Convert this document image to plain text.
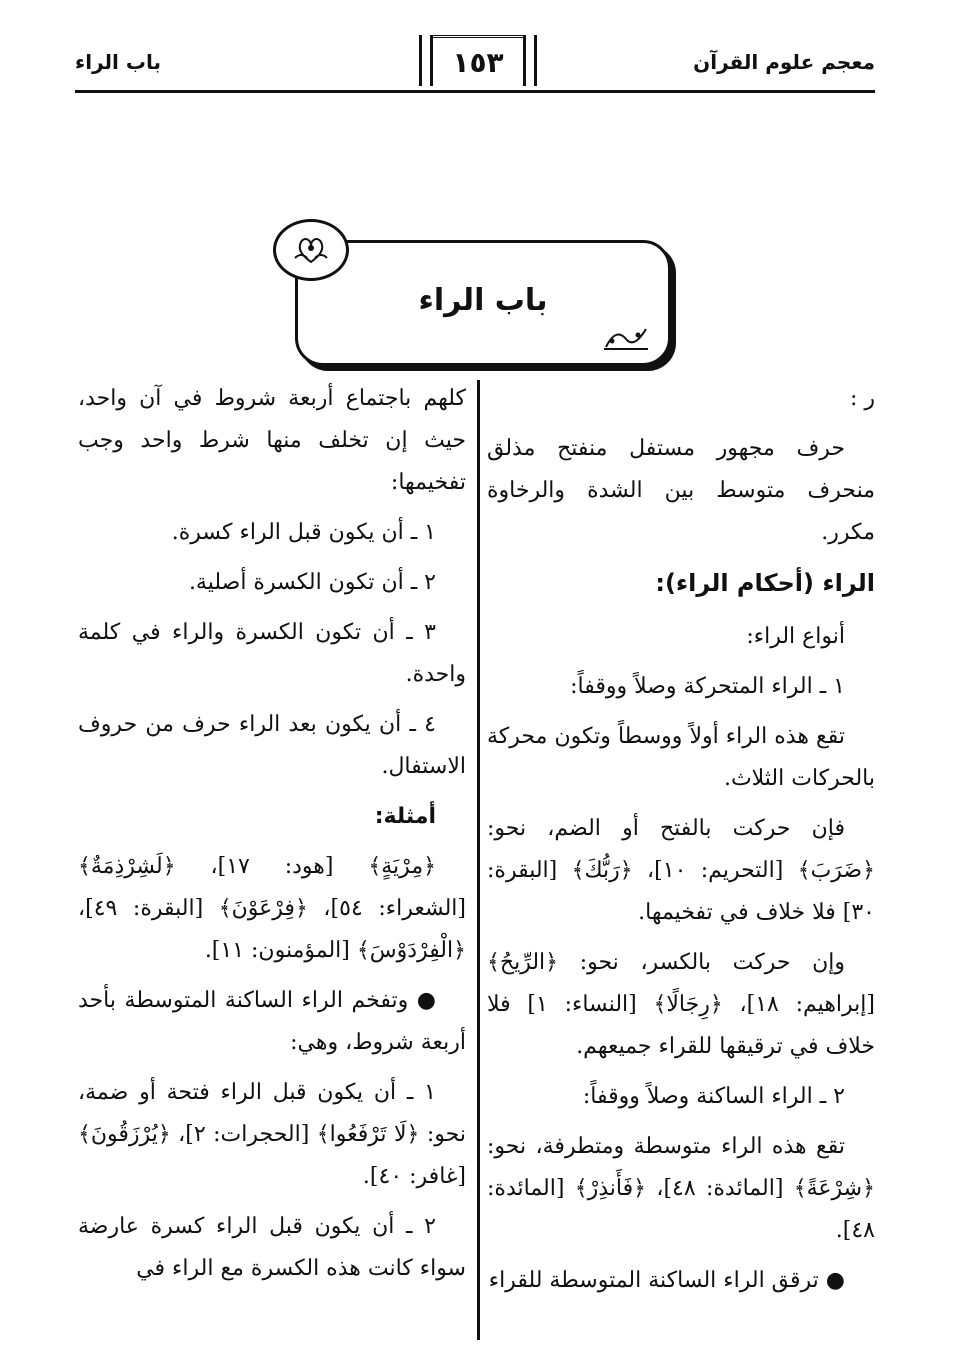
معجم علوم القرآن
١٥٣
باب الراء
باب الراء

ر :

حرف مجهور مستفل منفتح مذلق منحرف متوسط بين الشدة والرخاوة مكرر.

الراء (أحكام الراء):

أنواع الراء:

١ ـ الراء المتحركة وصلاً ووقفاً:

تقع هذه الراء أولاً ووسطاً وتكون محركة بالحركات الثلاث.

فإن حركت بالفتح أو الضم، نحو: ﴿ضَرَبَ﴾ [التحريم: ١٠]، ﴿رَبُّكَ﴾ [البقرة: ٣٠] فلا خلاف في تفخيمها.

وإن حركت بالكسر، نحو: ﴿الرِّيحُ﴾ [إبراهيم: ١٨]، ﴿رِجَالًا﴾ [النساء: ١] فلا خلاف في ترقيقها للقراء جميعهم.

٢ ـ الراء الساكنة وصلاً ووقفاً:

تقع هذه الراء متوسطة ومتطرفة، نحو: ﴿شِرْعَةً﴾ [المائدة: ٤٨]، ﴿فَأَنذِرْ﴾ [المائدة: ٤٨].

● ترقق الراء الساكنة المتوسطة للقراء

كلهم باجتماع أربعة شروط في آن واحد، حيث إن تخلف منها شرط واحد وجب تفخيمها:

١ ـ أن يكون قبل الراء كسرة.

٢ ـ أن تكون الكسرة أصلية.

٣ ـ أن تكون الكسرة والراء في كلمة واحدة.

٤ ـ أن يكون بعد الراء حرف من حروف الاستفال.

أمثلة:

﴿مِرْيَةٍ﴾ [هود: ١٧]، ﴿لَشِرْذِمَةٌ﴾ [الشعراء: ٥٤]، ﴿فِرْعَوْنَ﴾ [البقرة: ٤٩]، ﴿الْفِرْدَوْسَ﴾ [المؤمنون: ١١].

● وتفخم الراء الساكنة المتوسطة بأحد أربعة شروط، وهي:

١ ـ أن يكون قبل الراء فتحة أو ضمة، نحو: ﴿لَا تَرْفَعُوا﴾ [الحجرات: ٢]، ﴿يُرْزَقُونَ﴾ [غافر: ٤٠].

٢ ـ أن يكون قبل الراء كسرة عارضة سواء كانت هذه الكسرة مع الراء في
